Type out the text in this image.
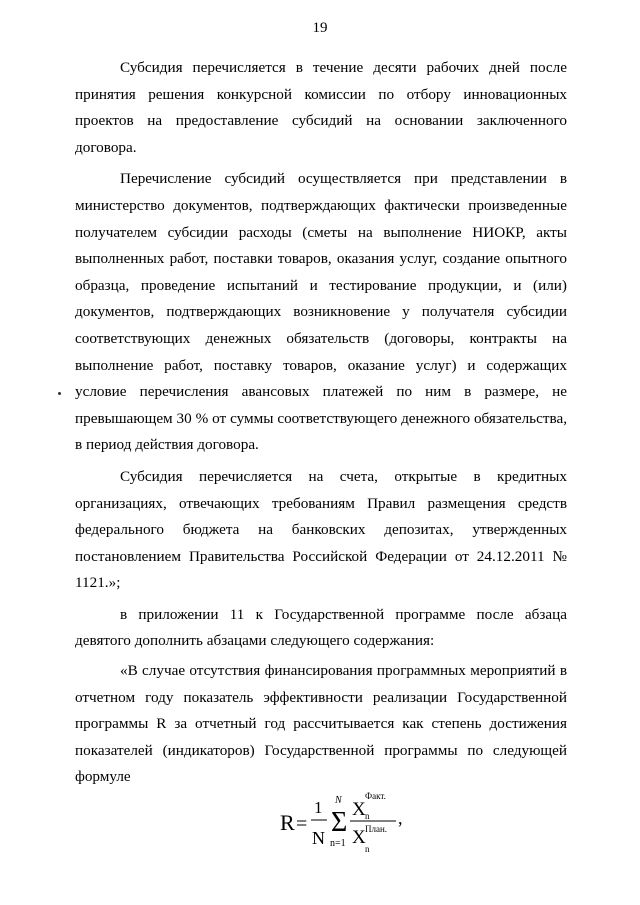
19

Субсидия перечисляется в течение десяти рабочих дней после принятия решения конкурсной комиссии по отбору инновационных проектов на предоставление субсидий на основании заключенного договора.

Перечисление субсидий осуществляется при представлении в министерство документов, подтверждающих фактически произведенные получателем субсидии расходы (сметы на выполнение НИОКР, акты выполненных работ, поставки товаров, оказания услуг, создание опытного образца, проведение испытаний и тестирование продукции, и (или) документов, подтверждающих возникновение у получателя субсидии соответствующих денежных обязательств (договоры, контракты на выполнение работ, поставку товаров, оказание услуг) и содержащих условие перечисления авансовых платежей по ним в размере, не превышающем 30 % от суммы соответствующего денежного обязательства, в период действия договора.

Субсидия перечисляется на счета, открытые в кредитных организациях, отвечающих требованиям Правил размещения средств федерального бюджета на банковских депозитах, утвержденных постановлением Правительства Российской Федерации от 24.12.2011 № 1121.»;

в приложении 11 к Государственной программе после абзаца девятого дополнить абзацами следующего содержания:

«В случае отсутствия финансирования программных мероприятий в отчетном году показатель эффективности реализации Государственной программы R за отчетный год рассчитывается как степень достижения показателей (индикаторов) Государственной программы по следующей формуле

R =
1
N
N
Σ
n=1
X
Факт.
n
X План.
n
,
